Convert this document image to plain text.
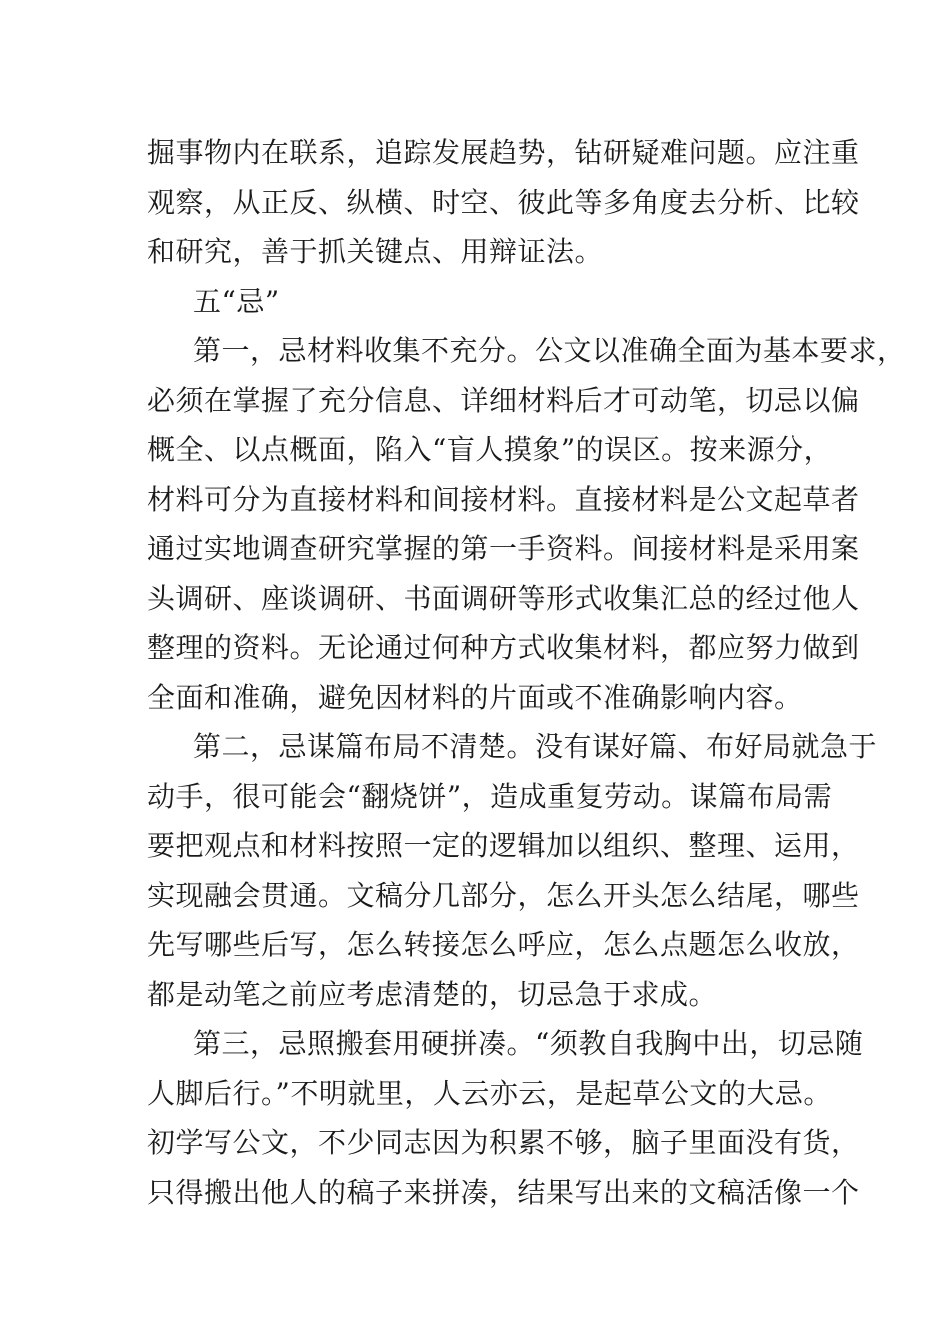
掘事物内在联系，追踪发展趋势，钻研疑难问题。应注重
观察，从正反、纵横、时空、彼此等多角度去分析、比较
和研究，善于抓关键点、用辩证法。
五“忌”
第一，忌材料收集不充分。公文以准确全面为基本要求，
必须在掌握了充分信息、详细材料后才可动笔，切忌以偏
概全、以点概面，陷入“盲人摸象”的误区。按来源分，
材料可分为直接材料和间接材料。直接材料是公文起草者
通过实地调查研究掌握的第一手资料。间接材料是采用案
头调研、座谈调研、书面调研等形式收集汇总的经过他人
整理的资料。无论通过何种方式收集材料，都应努力做到
全面和准确，避免因材料的片面或不准确影响内容。
第二，忌谋篇布局不清楚。没有谋好篇、布好局就急于
动手，很可能会“翻烧饼”，造成重复劳动。谋篇布局需
要把观点和材料按照一定的逻辑加以组织、整理、运用，
实现融会贯通。文稿分几部分，怎么开头怎么结尾，哪些
先写哪些后写，怎么转接怎么呼应，怎么点题怎么收放，
都是动笔之前应考虑清楚的，切忌急于求成。
第三，忌照搬套用硬拼凑。“须教自我胸中出，切忌随
人脚后行。”不明就里，人云亦云，是起草公文的大忌。
初学写公文，不少同志因为积累不够，脑子里面没有货，
只得搬出他人的稿子来拼凑，结果写出来的文稿活像一个
